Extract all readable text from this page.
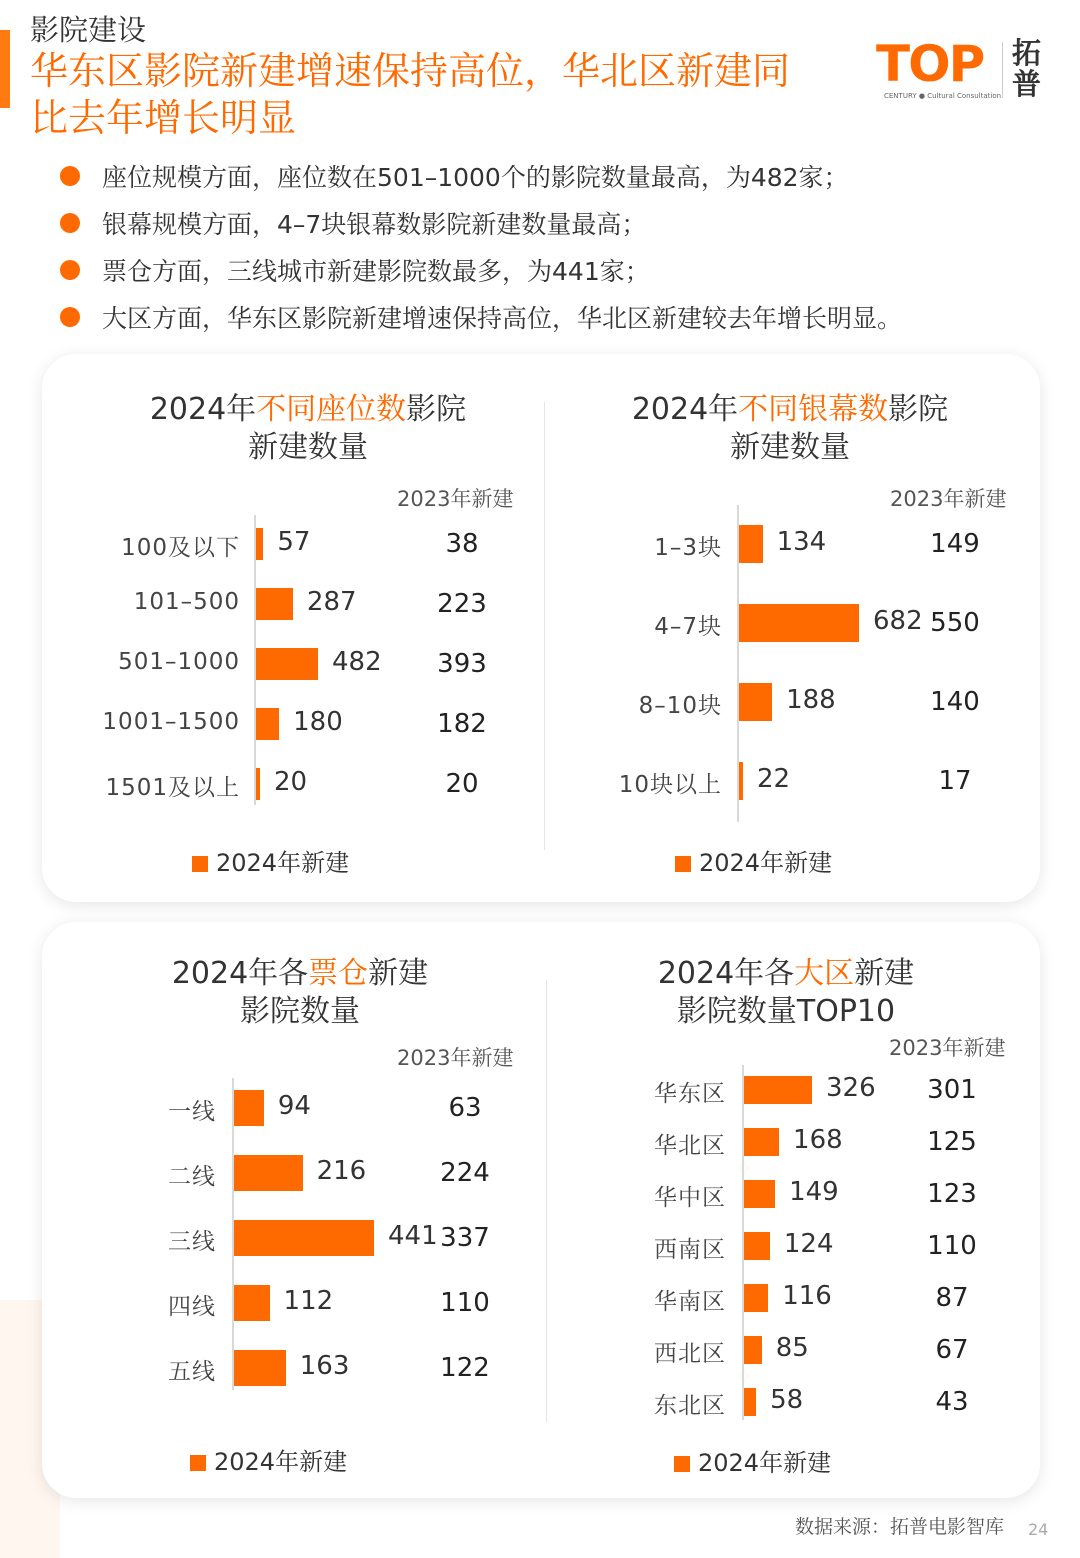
影院建设
华东区影院新建增速保持高位，华北区新建同
比去年增长明显
TOP 拓普
CENTURY ● Cultural Consultation
座位规模方面，座位数在501–1000个的影院数量最高，为482家；
银幕规模方面，4–7块银幕数影院新建数量最高；
票仓方面，三线城市新建影院数最多，为441家；
大区方面，华东区影院新建增速保持高位，华北区新建较去年增长明显。
2024年不同座位数影院
新建数量
2023年新建
100及以下 57	38
101–500	287	223
501–1000	482	393
1001–1500 180	182
1501及以上 20	20
2024年新建
2024年不同银幕数影院
新建数量
2023年新建
1–3块 134	149
4–7块	682 550
8–10块 188	140
10块以上 22	17
2024年新建
2024年各票仓新建
影院数量
2023年新建
一线 94	63
二线	216	224
三线	441 337
四线	112	110
五线	163	122
2024年新建
2024年各大区新建
影院数量TOP10
2023年新建
华东区	326	301
华北区	168	125
华中区 149	123
西南区 124	110
华南区 116	87
西北区 85	67
东北区 58	43
2024年新建
数据来源：拓普电影智库 24
